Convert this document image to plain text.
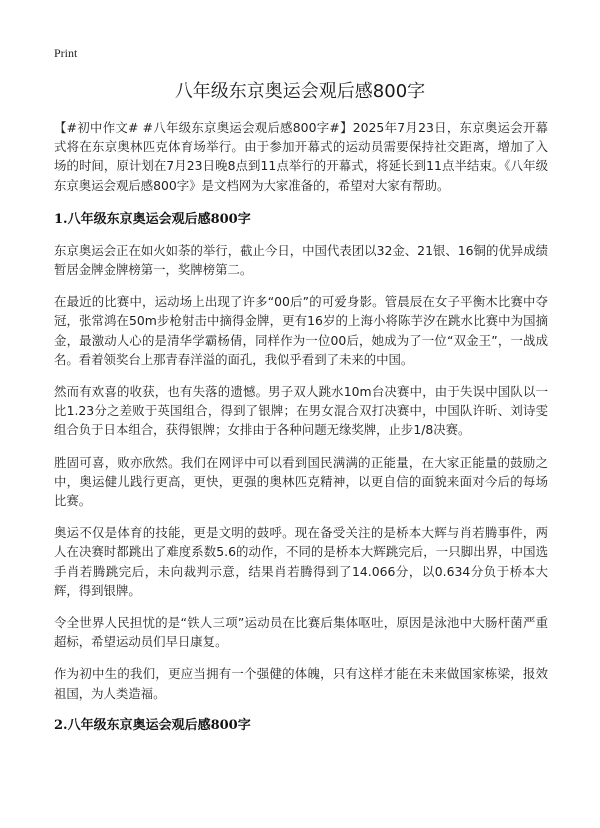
Print
八年级东京奥运会观后感800字

【#初中作文# #八年级东京奥运会观后感800字#】2025年7月23日，东京奥运会开幕式将在东京奥林匹克体育场举行。由于参加开幕式的运动员需要保持社交距离，增加了入场的时间，原计划在7月23日晚8点到11点举行的开幕式，将延长到11点半结束。《八年级东京奥运会观后感800字》是文档网为大家准备的，希望对大家有帮助。

1.八年级东京奥运会观后感800字

东京奥运会正在如火如荼的举行，截止今日，中国代表团以32金、21银、16铜的优异成绩暂居金牌金牌榜第一，奖牌榜第二。

在最近的比赛中，运动场上出现了许多“00后”的可爱身影。管晨辰在女子平衡木比赛中夺冠，张常鸿在50m步枪射击中摘得金牌，更有16岁的上海小将陈芋汐在跳水比赛中为国摘金，最激动人心的是清华学霸杨倩，同样作为一位00后，她成为了一位“双金王”，一战成名。看着领奖台上那青春洋溢的面孔，我似乎看到了未来的中国。

然而有欢喜的收获，也有失落的遗憾。男子双人跳水10m台决赛中，由于失误中国队以一比1.23分之差败于英国组合，得到了银牌；在男女混合双打决赛中，中国队许昕、刘诗雯组合负于日本组合，获得银牌；女排由于各种问题无缘奖牌，止步1/8决赛。

胜固可喜，败亦欣然。我们在网评中可以看到国民满满的正能量，在大家正能量的鼓励之中，奥运健儿践行更高，更快，更强的奥林匹克精神，以更自信的面貌来面对今后的每场比赛。

奥运不仅是体育的技能，更是文明的鼓呼。现在备受关注的是桥本大辉与肖若腾事件，两人在决赛时都跳出了难度系数5.6的动作，不同的是桥本大辉跳完后，一只脚出界，中国选手肖若腾跳完后，未向裁判示意，结果肖若腾得到了14.066分，以0.634分负于桥本大辉，得到银牌。

令全世界人民担忧的是“铁人三项”运动员在比赛后集体呕吐，原因是泳池中大肠杆菌严重超标，希望运动员们早日康复。

作为初中生的我们，更应当拥有一个强健的体魄，只有这样才能在未来做国家栋梁，报效祖国，为人类造福。

2.八年级东京奥运会观后感800字
